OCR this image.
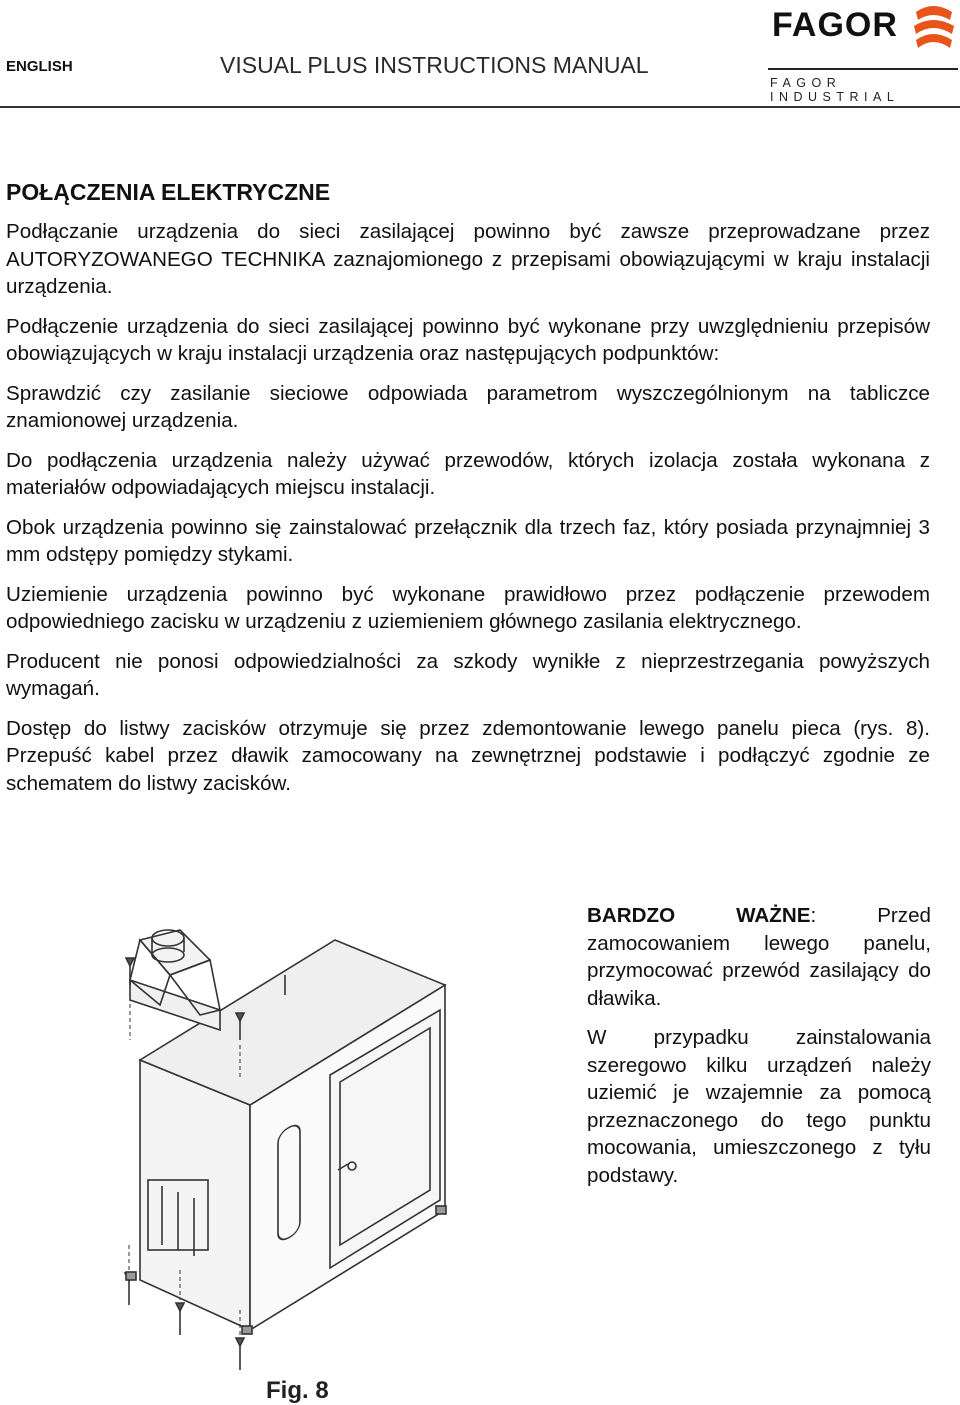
ENGLISH	VISUAL PLUS INSTRUCTIONS MANUAL
FAGOR
FAGOR INDUSTRIAL
POŁĄCZENIA ELEKTRYCZNE
Podłączanie urządzenia do sieci zasilającej powinno być zawsze przeprowadzane przez AUTORYZOWANEGO TECHNIKA zaznajomionego z przepisami obowiązującymi w kraju instalacji urządzenia.
Podłączenie urządzenia do sieci zasilającej powinno być wykonane przy uwzględnieniu przepisów obowiązujących w kraju instalacji urządzenia oraz następujących podpunktów:
Sprawdzić czy zasilanie sieciowe odpowiada parametrom wyszczególnionym na tabliczce znamionowej urządzenia.
Do podłączenia urządzenia należy używać przewodów, których izolacja została wykonana z materiałów odpowiadających miejscu instalacji.
Obok urządzenia powinno się zainstalować przełącznik dla trzech faz, który posiada przynajmniej 3 mm odstępy pomiędzy stykami.
Uziemienie urządzenia powinno być wykonane prawidłowo przez podłączenie przewodem odpowiedniego zacisku w urządzeniu z uziemieniem głównego zasilania elektrycznego.
Producent nie ponosi odpowiedzialności za szkody wynikłe z nieprzestrzegania powyższych wymagań.
Dostęp do listwy zacisków otrzymuje się przez zdemontowanie lewego panelu pieca (rys. 8). Przepuść kabel przez dławik zamocowany na zewnętrznej podstawie i podłączyć zgodnie ze schematem do listwy zacisków.
Fig. 8
BARDZO WAŻNE: Przed zamocowaniem lewego panelu, przymocować przewód zasilający do dławika.
W przypadku zainstalowania szeregowo kilku urządzeń należy uziemić je wzajemnie za pomocą przeznaczonego do tego punktu mocowania, umieszczonego z tyłu podstawy.
